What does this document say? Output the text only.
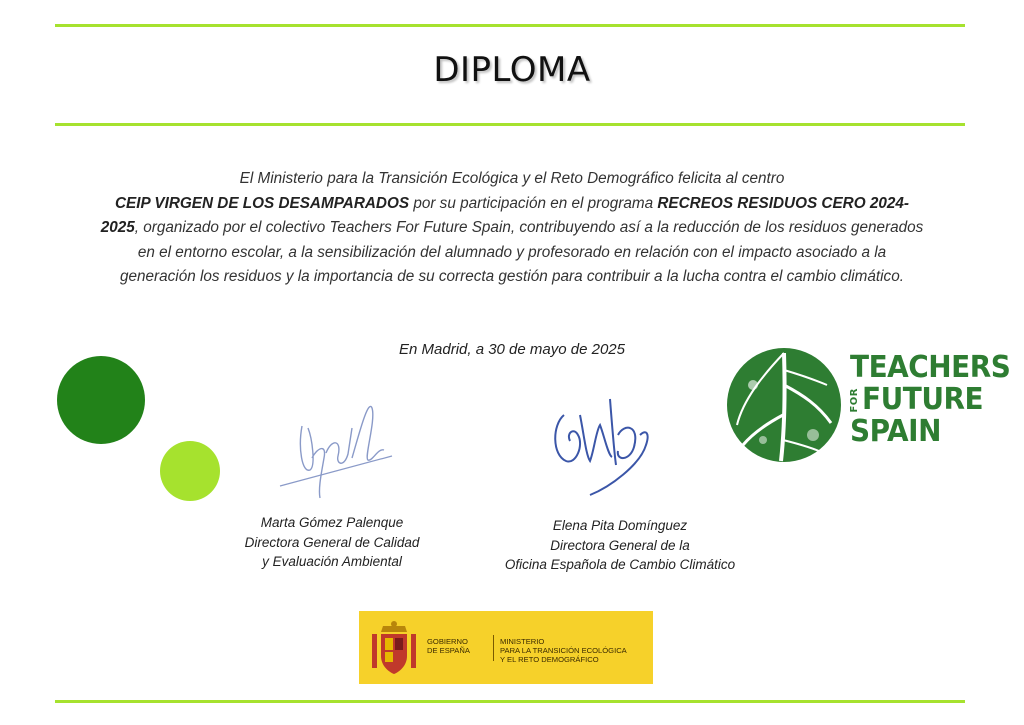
DIPLOMA
El Ministerio para la Transición Ecológica y el Reto Demográfico felicita al centro
CEIP VIRGEN DE LOS DESAMPARADOS por su participación en el programa RECREOS RESIDUOS CERO 2024-2025, organizado por el colectivo Teachers For Future Spain, contribuyendo así a la reducción de los residuos generados en el entorno escolar, a la sensibilización del alumnado y profesorado en relación con el impacto asociado a la generación los residuos y la importancia de su correcta gestión para contribuir a la lucha contra el cambio climático.
En Madrid, a 30 de mayo de 2025
Marta Gómez Palenque
Directora General de Calidad
y Evaluación Ambiental
Elena Pita Domínguez
Directora General de la
Oficina Española de Cambio Climático
TEACHERS
FOR FUTURE
SPAIN
GOBIERNO
DE ESPAÑA
MINISTERIO
PARA LA TRANSICIÓN ECOLÓGICA
Y EL RETO DEMOGRÁFICO
